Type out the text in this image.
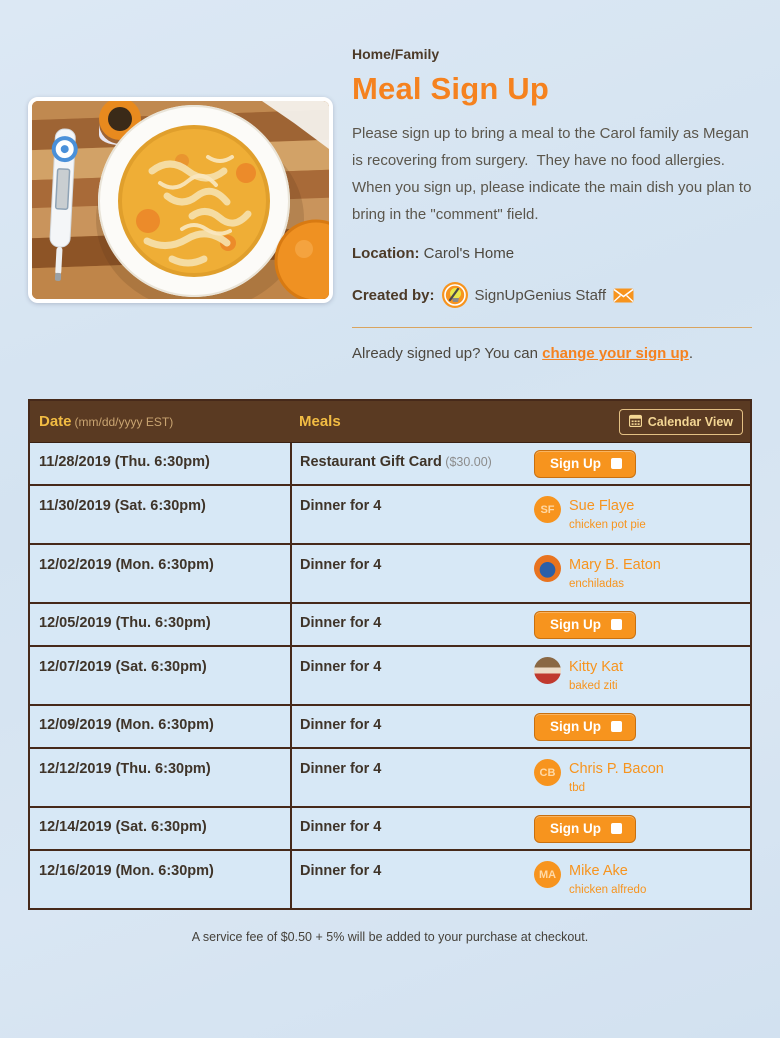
Home/Family
Meal Sign Up
Please sign up to bring a meal to the Carol family as Megan is recovering from surgery.  They have no food allergies. When you sign up, please indicate the main dish you plan to bring in the "comment" field.
Location: Carol's Home
Created by:	SignUpGenius Staff
Already signed up? You can change your sign up.
Date (mm/dd/yyyy EST)	Meals	Calendar View
11/28/2019 (Thu. 6:30pm)	Restaurant Gift Card ($30.00)	Sign Up
11/30/2019 (Sat. 6:30pm)	Dinner for 4	SF Sue Flaye
chicken pot pie
12/02/2019 (Mon. 6:30pm)	Dinner for 4	Mary B. Eaton
enchiladas
12/05/2019 (Thu. 6:30pm)	Dinner for 4	Sign Up
12/07/2019 (Sat. 6:30pm)	Dinner for 4	Kitty Kat
baked ziti
12/09/2019 (Mon. 6:30pm)	Dinner for 4	Sign Up
12/12/2019 (Thu. 6:30pm)	Dinner for 4	CB Chris P. Bacon
tbd
12/14/2019 (Sat. 6:30pm)	Dinner for 4	Sign Up
12/16/2019 (Mon. 6:30pm)	Dinner for 4	MA Mike Ake
chicken alfredo
A service fee of $0.50 + 5% will be added to your purchase at checkout.
